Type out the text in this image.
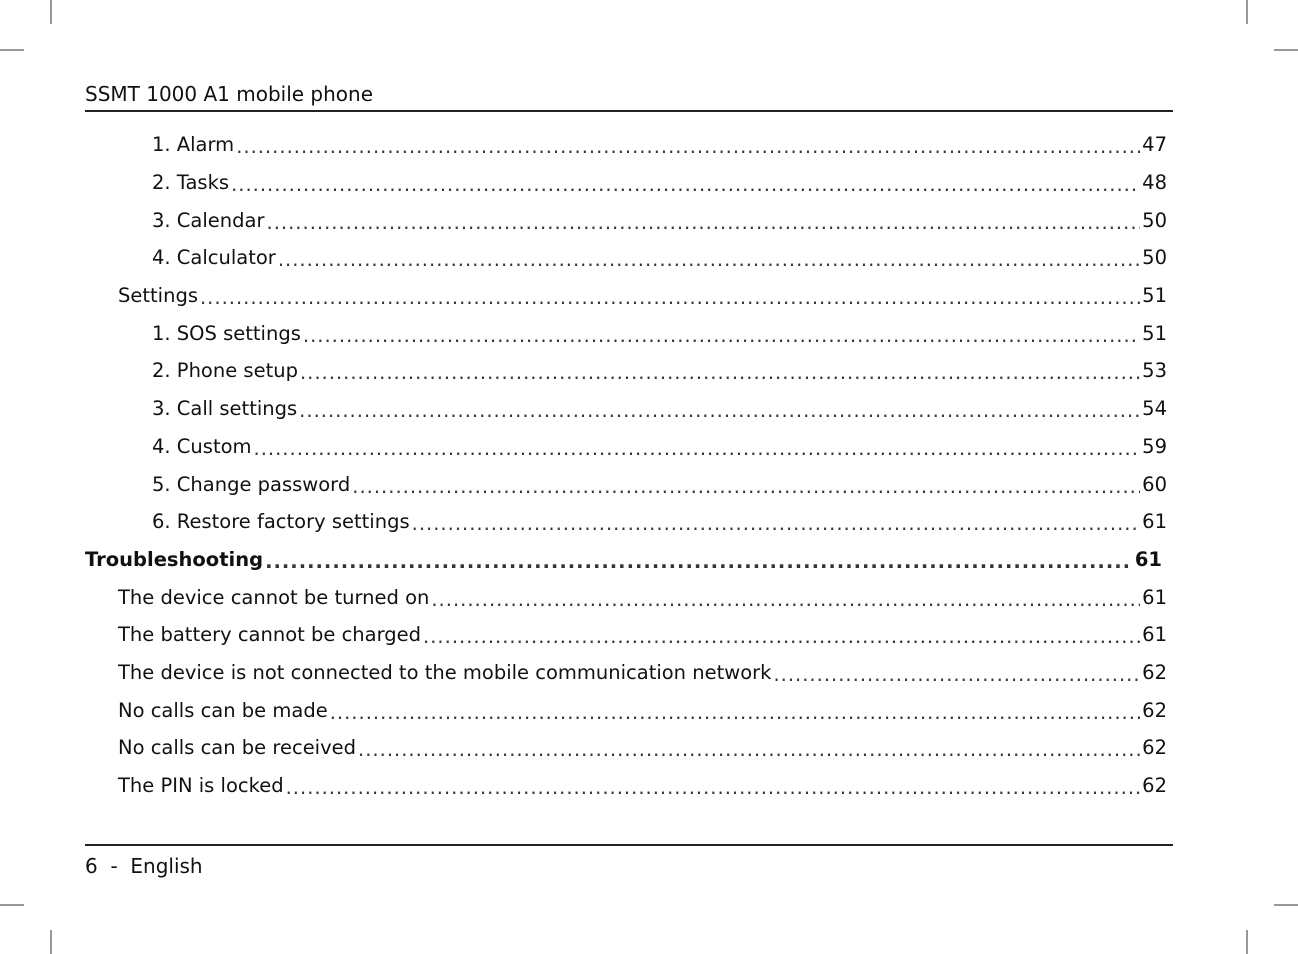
SSMT 1000 A1 mobile phone
1. Alarm .....	47
2. Tasks .....	48
3. Calendar .....	50
4. Calculator .....	50
Settings .....	51
1. SOS settings .....	51
2. Phone setup .....	53
3. Call settings .....	54
4. Custom .....	59
5. Change password .....	60
6. Restore factory settings .....	61
Troubleshooting .....	61
The device cannot be turned on .....	61
The battery cannot be charged .....	61
The device is not connected to the mobile communication network .....	62
No calls can be made .....	62
No calls can be received .....	62
The PIN is locked .....	62
6 - English
